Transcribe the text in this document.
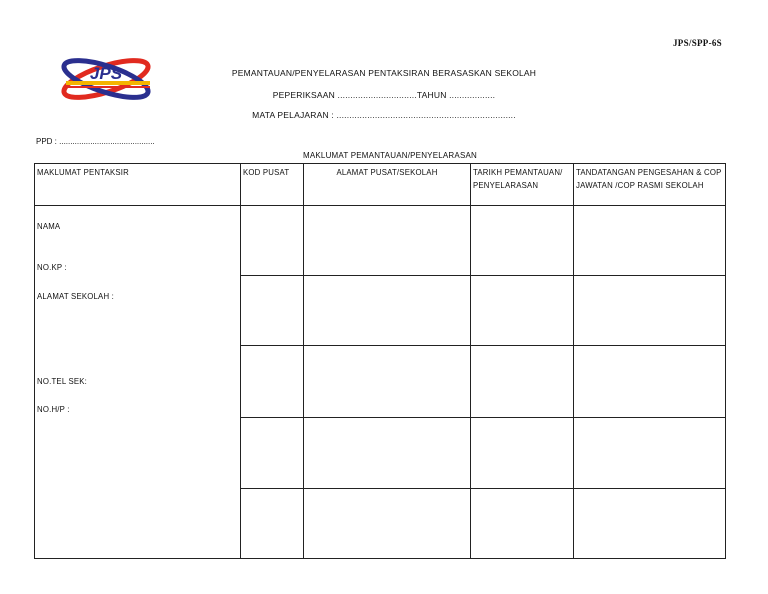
JPS/SPP-6S
JPS	PEMANTAUAN/PENYELARASAN PENTAKSIRAN BERASASKAN SEKOLAH
PEPERIKSAAN ...............................TAHUN ..................
MATA PELAJARAN : ......................................................................
PPD : ...........................................
MAKLUMAT PEMANTAUAN/PENYELARASAN
MAKLUMAT PENTAKSIR	KOD PUSAT	ALAMAT PUSAT/SEKOLAH	TARIKH PEMANTAUAN/ PENYELARASAN	TANDATANGAN PENGESAHAN & COP JAWATAN /COP RASMI SEKOLAH

NAMA
NO.KP :
ALAMAT SEKOLAH :
NO.TEL SEK:
NO.H/P :				
